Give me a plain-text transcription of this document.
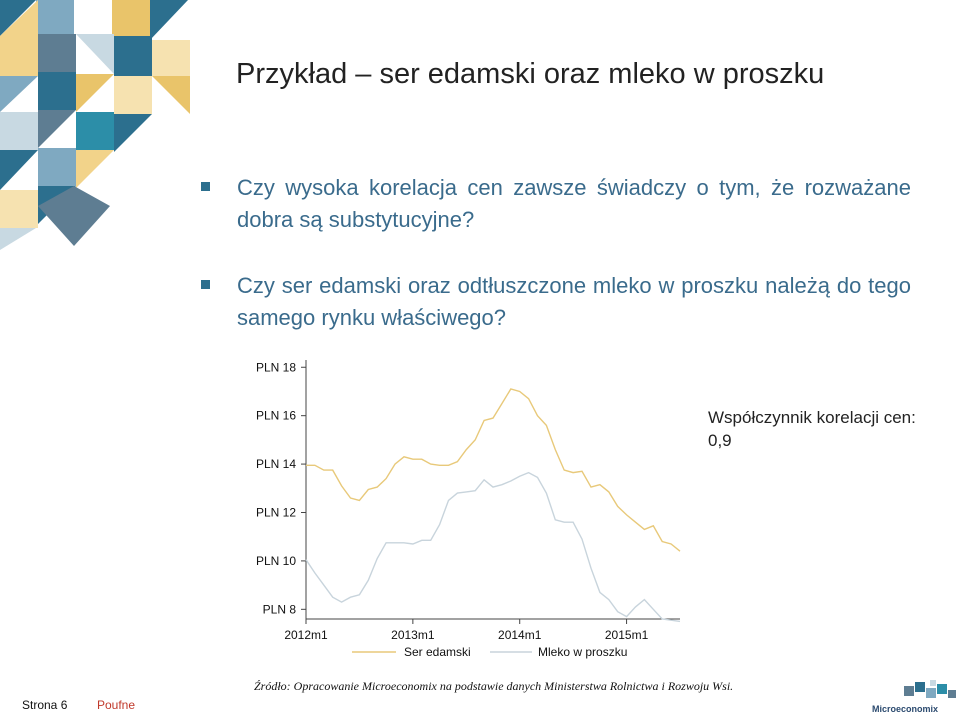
Przykład – ser edamski oraz mleko w proszku
Czy wysoka korelacja cen zawsze świadczy o tym, że rozważane dobra są substytucyjne?
Czy ser edamski oraz odtłuszczone mleko w proszku należą do tego samego rynku właściwego?
PLN 8
PLN 10
PLN 12
PLN 14
PLN 16
PLN 18
2012m1	2013m1	2014m1	2015m1
Ser edamski	Mleko w proszku
Współczynnik korelacji cen: 0,9
Źródło: Opracowanie Microeconomix na podstawie danych Ministerstwa Rolnictwa i Rozwoju Wsi.
Strona 6 Poufne	Microeconomix
